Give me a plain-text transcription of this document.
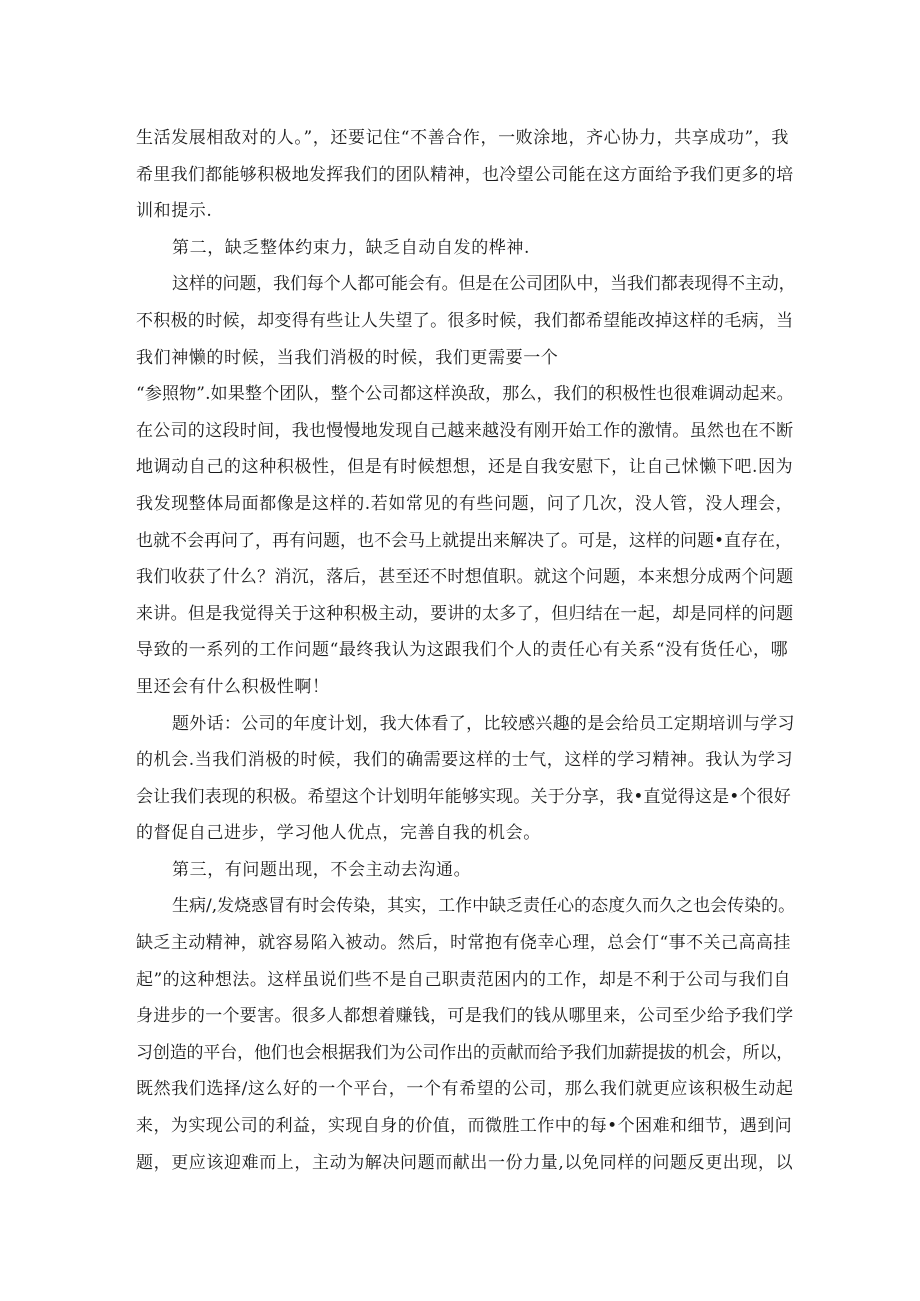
生活发展相敌对的人。”，还要记住“不善合作，一败涂地，齐心协力，共享成功”，我
希里我们都能够积极地发挥我们的团队精神，也冷望公司能在这方面给予我们更多的培
训和提示.
第二，缺乏整体约束力，缺乏自动自发的桦神.
这样的问题，我们每个人都可能会有。但是在公司团队中，当我们都表现得不主动，
不积极的时候，却变得有些让人失望了。很多时候，我们都希望能改掉这样的毛病，当
我们神懒的时候，当我们消极的时候，我们更需要一个
“参照物”.如果整个团队，整个公司都这样涣敌，那么，我们的积极性也很难调动起来。
在公司的这段时间，我也慢慢地发现自己越来越没有刚开始工作的激情。虽然也在不断
地调动自己的这种积极性，但是有时候想想，还是自我安慰下，让自己怵懒下吧.因为
我发现整体局面都像是这样的.若如常见的有些问题，问了几次，没人管，没人理会，
也就不会再问了，再有问题，也不会马上就提出来解决了。可是，这样的问题•直存在，
我们收获了什么？消沉，落后，甚至还不时想值职。就这个问题，本来想分成两个问题
来讲。但是我觉得关于这种积极主动，要讲的太多了，但归结在一起，却是同样的问题
导致的一系列的工作问题“最终我认为这跟我们个人的责任心有关系“没有货任心，哪
里还会有什么积极性啊！
题外话：公司的年度计划，我大体看了，比较感兴趣的是会给员工定期培训与学习
的机会.当我们消极的时候，我们的确需要这样的士气，这样的学习精神。我认为学习
会让我们表现的积极。希望这个计划明年能够实现。关于分享，我•直觉得这是•个很好
的督促自己进步，学习他人优点，完善自我的机会。
第三，有问题出现，不会主动去沟通。
生病/,发烧惑冒有时会传染，其实，工作中缺乏责任心的态度久而久之也会传染的。
缺乏主动精神，就容易陷入被动。然后，时常抱有侥幸心理，总会仃“事不关己高高挂
起”的这种想法。这样虽说们些不是自己职责范困内的工作，却是不利于公司与我们自
身进步的一个要害。很多人都想着赚钱，可是我们的钱从哪里来，公司至少给予我们学
习创造的平台，他们也会根据我们为公司作出的贡献而给予我们加薪提拔的机会，所以，
既然我们选择/这么好的一个平台，一个有希望的公司，那么我们就更应该积极生动起
来，为实现公司的利益，实现自身的价值，而微胜工作中的每•个困难和细节，遇到问
题，更应该迎难而上，主动为解决问题而献出一份力量,以免同样的问题反更出现，以
